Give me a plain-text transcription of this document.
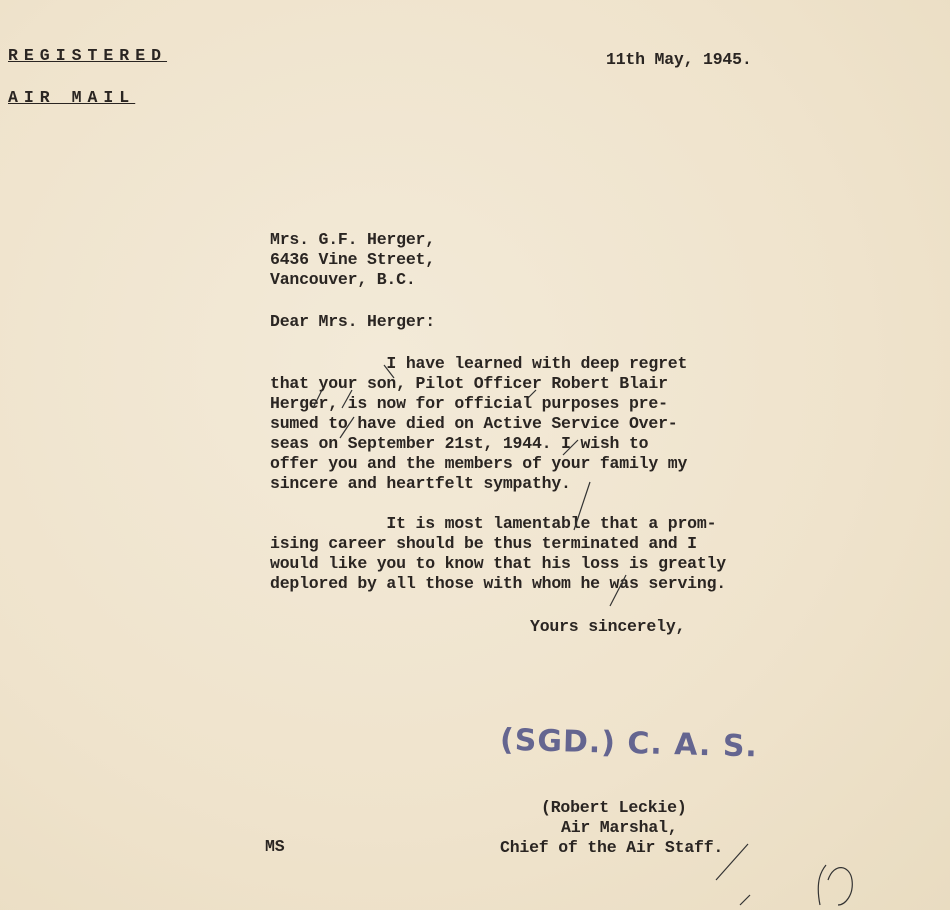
REGISTERED
AIR MAIL
11th May, 1945.
Mrs. G.F. Herger,
6436 Vine Street,
Vancouver, B.C.
Dear Mrs. Herger:
I have learned with deep regret
that your son, Pilot Officer Robert Blair
Herger, is now for official purposes pre-
sumed to have died on Active Service Over-
seas on September 21st, 1944. I wish to
offer you and the members of your family my
sincere and heartfelt sympathy.
It is most lamentable that a prom-
ising career should be thus terminated and I
would like you to know that his loss is greatly
deplored by all those with whom he was serving.
Yours sincerely,
(SGD.) C. A. S.
(Robert Leckie)
Air Marshal,
Chief of the Air Staff.
MS
